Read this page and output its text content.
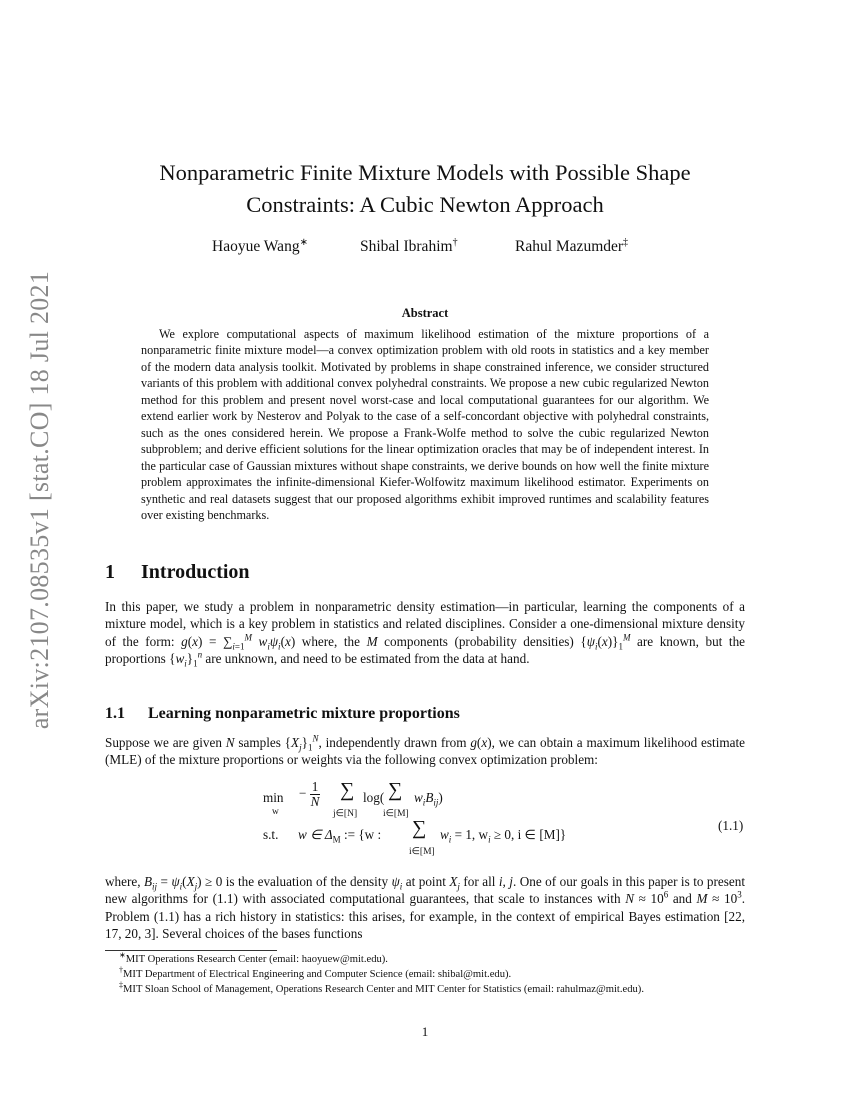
arXiv:2107.08535v1 [stat.CO] 18 Jul 2021
Nonparametric Finite Mixture Models with Possible Shape
Constraints: A Cubic Newton Approach
Haoyue Wang∗	Shibal Ibrahim†	Rahul Mazumder‡
Abstract

We explore computational aspects of maximum likelihood estimation of the mixture proportions of a nonparametric finite mixture model—a convex optimization problem with old roots in statistics and a key member of the modern data analysis toolkit. Motivated by problems in shape constrained inference, we consider structured variants of this problem with additional convex polyhedral constraints. We propose a new cubic regularized Newton method for this problem and present novel worst-case and local computational guarantees for our algorithm. We extend earlier work by Nesterov and Polyak to the case of a self-concordant objective with polyhedral constraints, such as the ones considered herein. We propose a Frank-Wolfe method to solve the cubic regularized Newton subproblem; and derive efficient solutions for the linear optimization oracles that may be of independent interest. In the particular case of Gaussian mixtures without shape constraints, we derive bounds on how well the finite mixture problem approximates the infinite-dimensional Kiefer-Wolfowitz maximum likelihood estimator. Experiments on synthetic and real datasets suggest that our proposed algorithms exhibit improved runtimes and scalability features over existing benchmarks.

1 Introduction

In this paper, we study a problem in nonparametric density estimation—in particular, learning the components of a mixture model, which is a key problem in statistics and related disciplines. Consider a one-dimensional mixture density of the form: $g(x) = \sum_{i=1}^M$ $w_i\psi_i(x)$ where, the M components (probability densities) $\{\psi_i(x)\}_1^M$ are known, but the proportions $\{w_i\}_1^n$ are unknown, and need to be estimated from the data at hand.

1.1 Learning nonparametric mixture proportions

Suppose we are given N samples $\{X_j\}_1^N$, independently drawn from g(x), we can obtain a maximum likelihood estimate (MLE) of the mixture proportions or weights via the following convex optimization problem:

min
w
− $\frac{1}{N}$ ∑
j∈[N]
log( ∑
i∈[M]
$w_iB_{ij}$)
s.t. w ∈ $\Delta_M$ := {w : ∑
i∈[M]
$w_i = 1$, $w_i \ge 0$, i ∈ [M]}
(1.1)

where, $B_{ij} = \psi_i(X_j) \ge 0$ is the evaluation of the density $\psi_i$ at point $X_j$ for all i, j. One of our goals in this paper is to present new algorithms for (1.1) with associated computational guarantees, that scale to instances with $N \approx 10^6$ and $M \approx 10^3$. Problem (1.1) has a rich history in statistics: this arises, for example, in the context of empirical Bayes estimation [22, 17, 20, 3]. Several choices of the bases functions

∗MIT Operations Research Center (email: haoyuew@mit.edu).
†MIT Department of Electrical Engineering and Computer Science (email: shibal@mit.edu).
‡MIT Sloan School of Management, Operations Research Center and MIT Center for Statistics (email: rahulmaz@mit.edu).
1
